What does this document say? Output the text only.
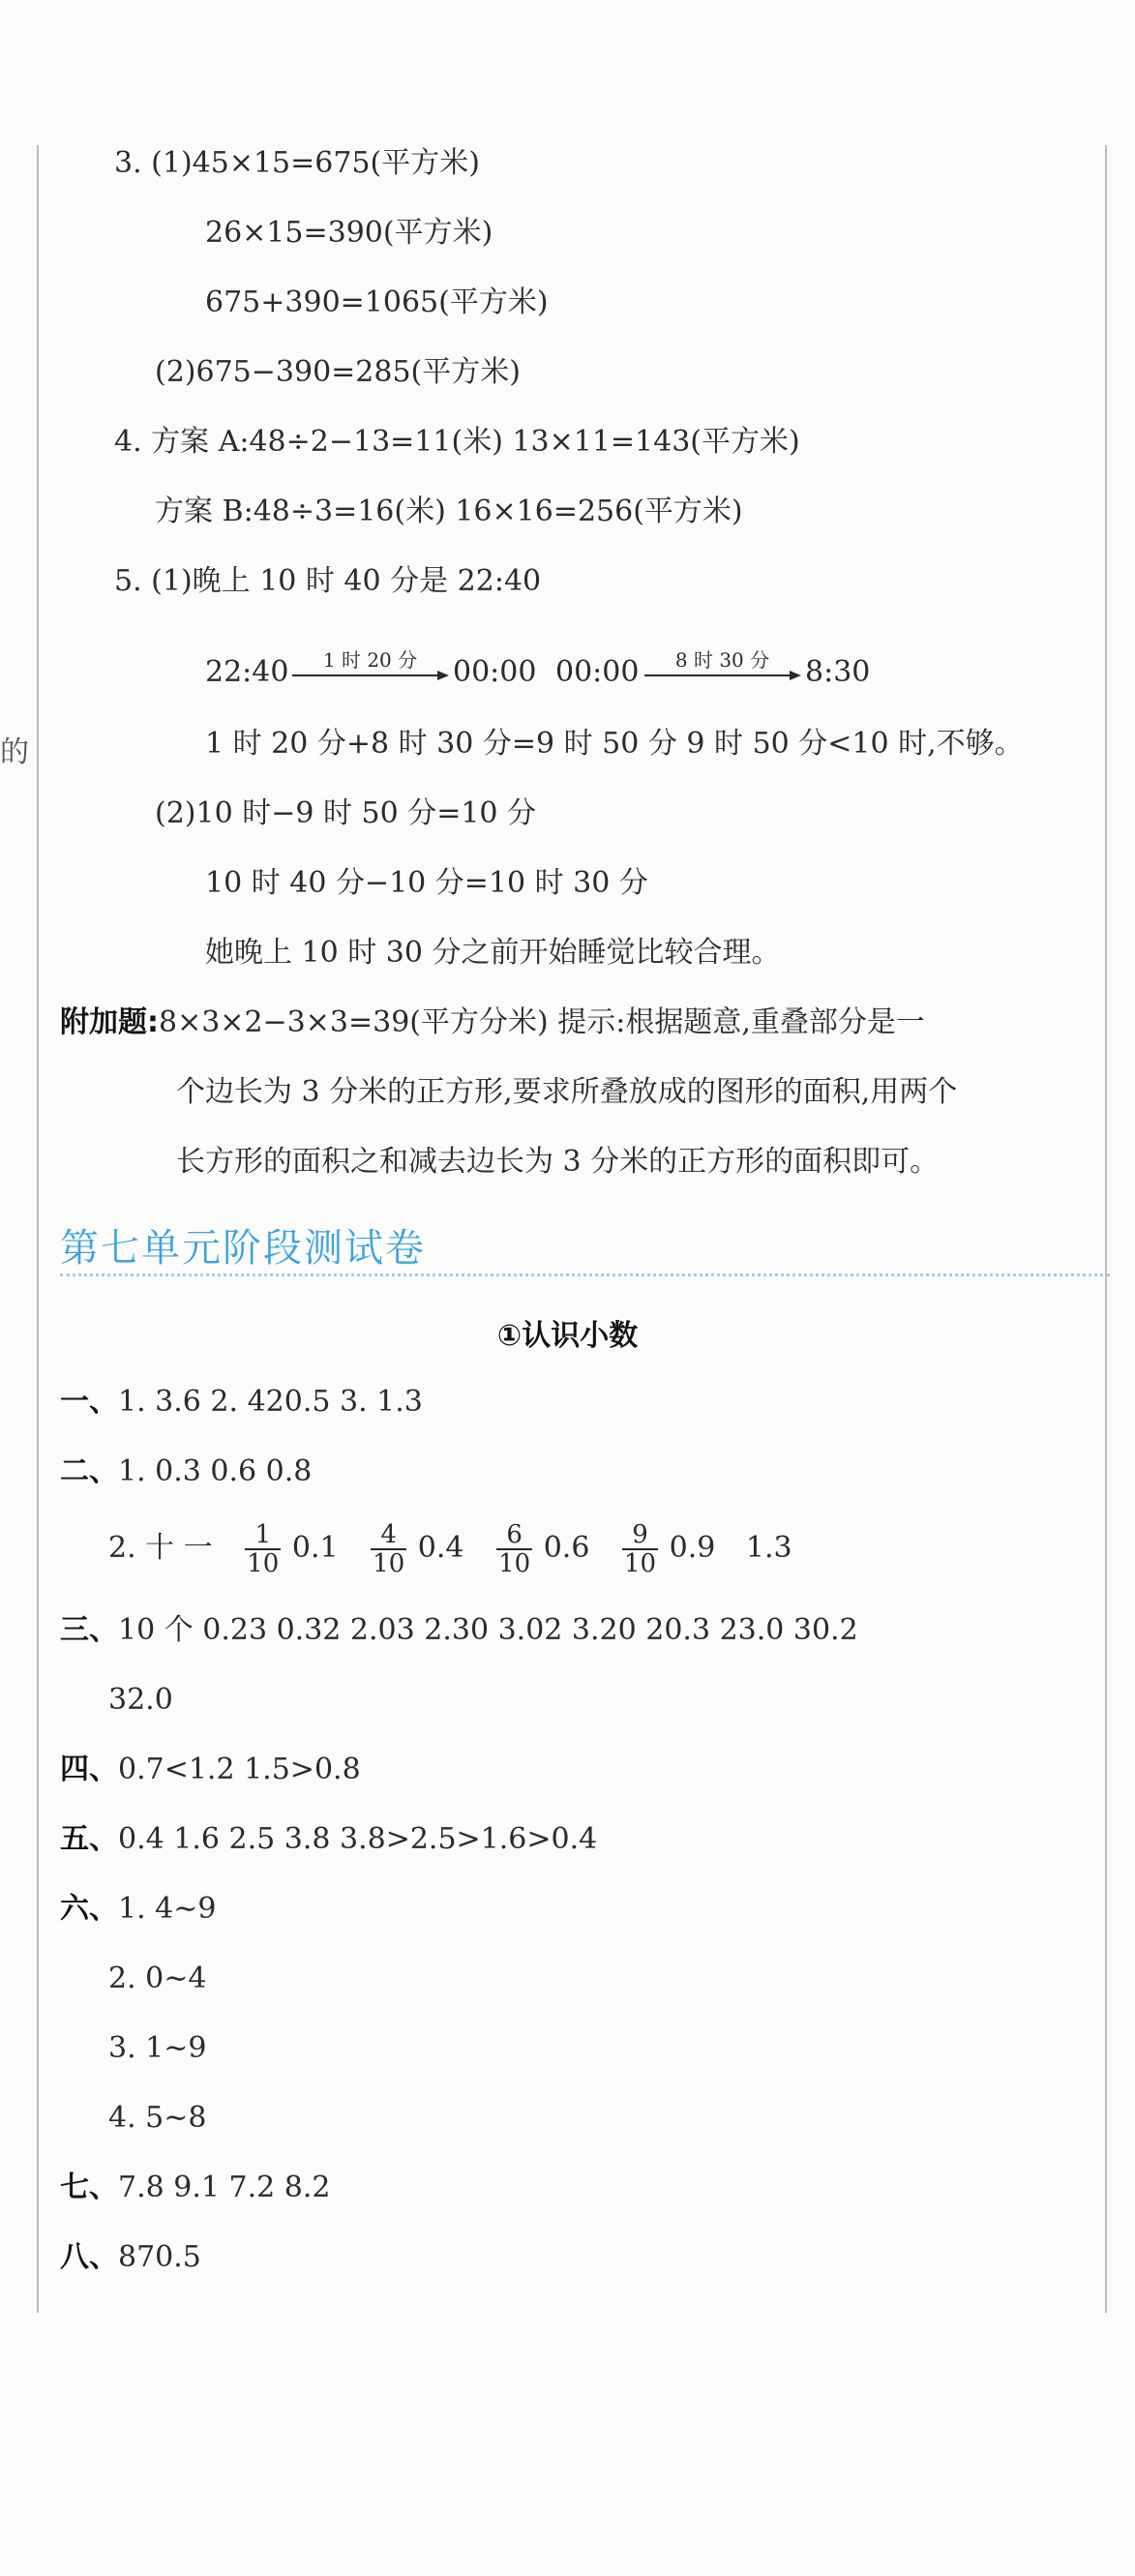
的
3. (1)45×15=675(平方米)
26×15=390(平方米)
675+390=1065(平方米)
(2)675−390=285(平方米)
4. 方案 A:48÷2−13=11(米) 13×11=143(平方米)
方案 B:48÷3=16(米) 16×16=256(平方米)
5. (1)晚上 10 时 40 分是 22:40
22:40	1 时 20 分	00:00 00:00	8 时 30 分	8:30
1 时 20 分+8 时 30 分=9 时 50 分 9 时 50 分<10 时,不够。
(2)10 时−9 时 50 分=10 分
10 时 40 分−10 分=10 时 30 分
她晚上 10 时 30 分之前开始睡觉比较合理。
附加题:8×3×2−3×3=39(平方分米) 提示:根据题意,重叠部分是一
个边长为 3 分米的正方形,要求所叠放成的图形的面积,用两个
长方形的面积之和减去边长为 3 分米的正方形的面积即可。
第七单元阶段测试卷
①认识小数
一、1. 3.6 2. 420.5 3. 1.3
二、1. 0.3 0.6 0.8
2. 十 一 $\frac{1}{10} 0.1 \frac{4}{10} 0.4 \frac{6}{10} 0.6 \frac{9}{10} 0.9$ 1.3
三、10 个 0.23 0.32 2.03 2.30 3.02 3.20 20.3 23.0 30.2
32.0
四、0.7<1.2 1.5>0.8
五、0.4 1.6 2.5 3.8 3.8>2.5>1.6>0.4
六、1. 4∼9
2. 0∼4
3. 1∼9
4. 5∼8
七、7.8 9.1 7.2 8.2
八、870.5
